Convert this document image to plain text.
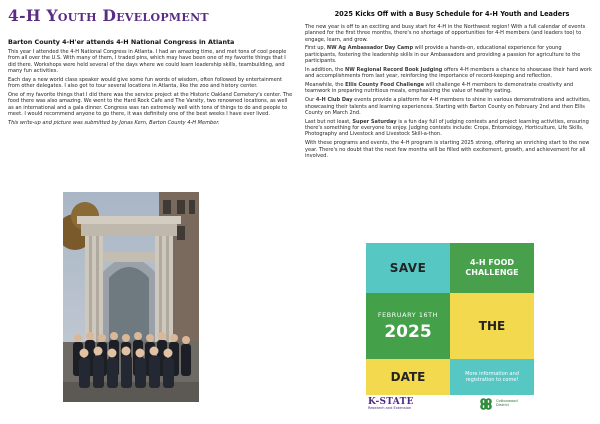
4-H Youth Development
Barton County 4-H'er attends 4-H National Congress in Atlanta

This year I attended the 4-H National Congress in Atlanta. I had an amazing time, and met tons of cool people from all over the U.S. With many of them, I traded pins, which may have been one of my favorite things that I did there. Workshops were held several of the days where we could learn leadership skills, teambuilding, and many fun activities.

Each day a new world class speaker would give some fun words of wisdom, often followed by entertainment from other delegates. I also got to tour several locations in Atlanta, like the zoo and history center.

One of my favorite things that I did there was the service project at the Historic Oakland Cemetery's center. The food there was also amazing. We went to the Hard Rock Cafe and The Varsity, two renowned locations, as well as an international and a gala dinner. Congress was ran extremely well with tons of things to do and people to meet. I would recommend anyone to go there, it was definitely one of the best weeks I have ever lived.

This write-up and picture was submitted by Jonas Kern, Barton County 4-H Member.

2025 Kicks Off with a Busy Schedule for 4-H Youth and Leaders

The new year is off to an exciting and busy start for 4-H in the Northwest region! With a full calendar of events planned for the first three months, there's no shortage of opportunities for 4-H members (and leaders too) to engage, learn, and grow.

First up, NW Ag Ambassador Day Camp will provide a hands-on, educational experience for young participants, fostering the leadership skills in our Ambassadors and providing a passion for agriculture to the participants.

In addition, the NW Regional Record Book Judging offers 4-H members a chance to showcase their hard work and accomplishments from last year, reinforcing the importance of record-keeping and reflection.

Meanwhile, the Ellis County Food Challenge will challenge 4-H members to demonstrate creativity and teamwork in preparing nutritious meals, emphasizing the value of healthy eating.

Our 4-H Club Day events provide a platform for 4-H members to shine in various demonstrations and activities, showcasing their talents and learning experiences. Starting with Barton County on February 2nd and then Ellis County on March 2nd.

Last but not least, Super Saturday is a fun day full of judging contests and project learning activities, ensuring there's something for everyone to enjoy. Judging contests include: Crops, Entomology, Horticulture, Life Skills, Photography and Livestock and Livestock Skill-a-thon.

With these programs and events, the 4-H program is starting 2025 strong, offering an enriching start to the new year. There's no doubt that the next few months will be filled with excitement, growth, and achievement for all involved.

SAVE	4-H FOOD
CHALLENGE
FEBRUARY 16TH
2025	THE
DATE	More information and registration to come!
K-STATE
Research and Extension
Cottonwood
District
